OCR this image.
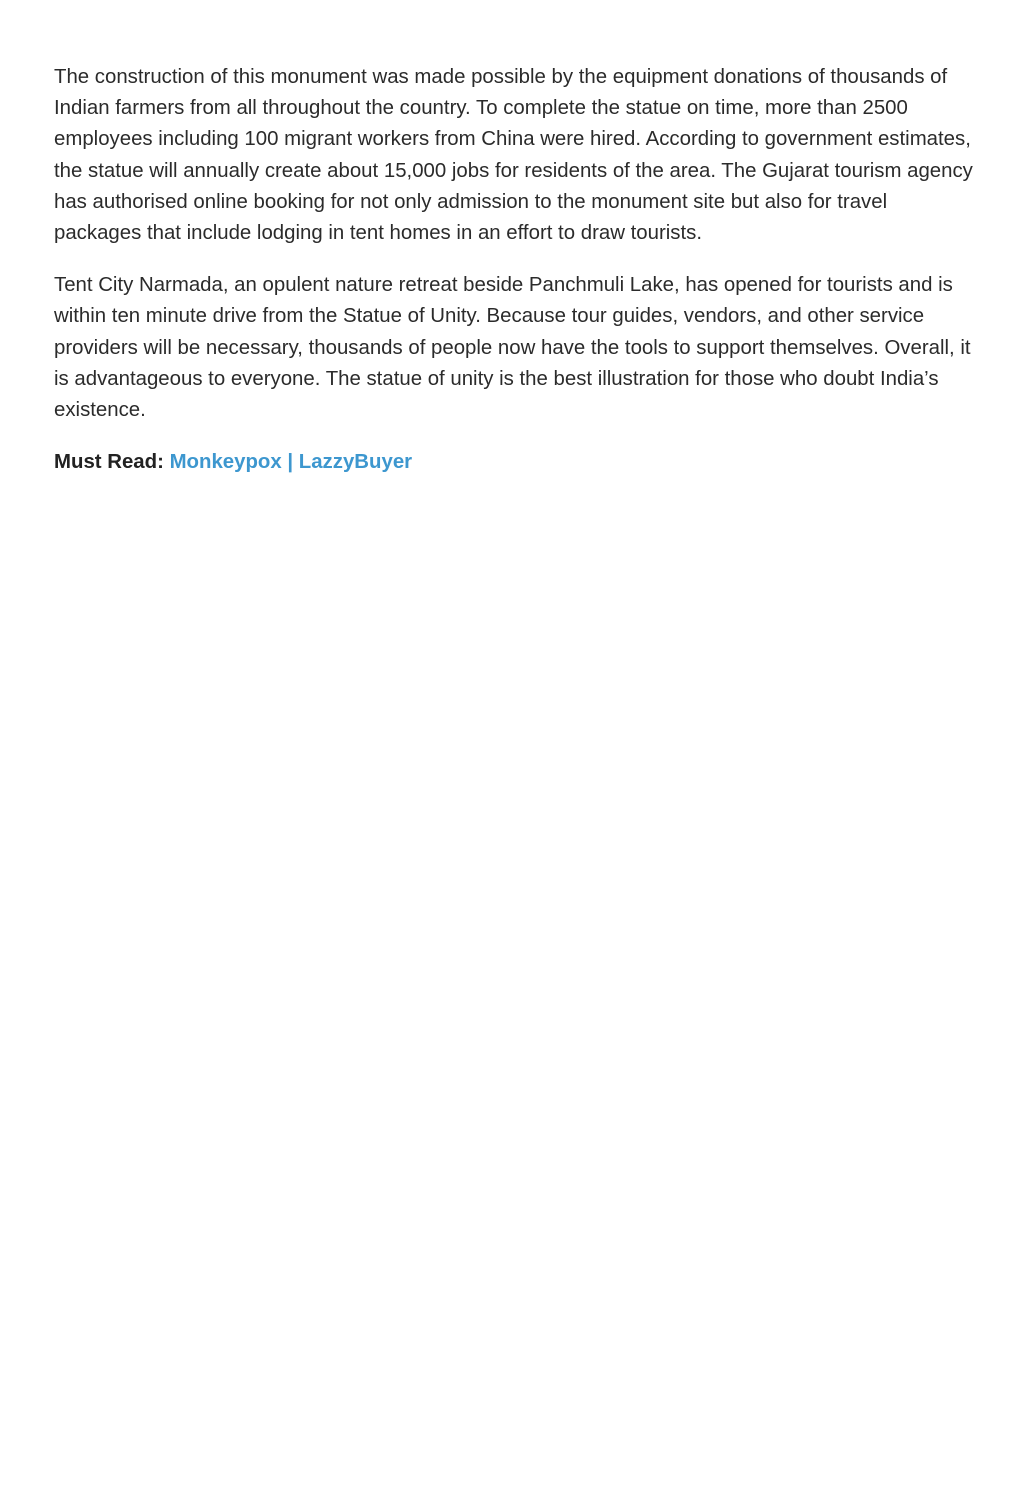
The construction of this monument was made possible by the equipment donations of thousands of Indian farmers from all throughout the country. To complete the statue on time, more than 2500 employees including 100 migrant workers from China were hired. According to government estimates, the statue will annually create about 15,000 jobs for residents of the area. The Gujarat tourism agency has authorised online booking for not only admission to the monument site but also for travel packages that include lodging in tent homes in an effort to draw tourists.

Tent City Narmada, an opulent nature retreat beside Panchmuli Lake, has opened for tourists and is within ten minute drive from the Statue of Unity. Because tour guides, vendors, and other service providers will be necessary, thousands of people now have the tools to support themselves. Overall, it is advantageous to everyone. The statue of unity is the best illustration for those who doubt India’s existence.

Must Read: Monkeypox | LazzyBuyer
